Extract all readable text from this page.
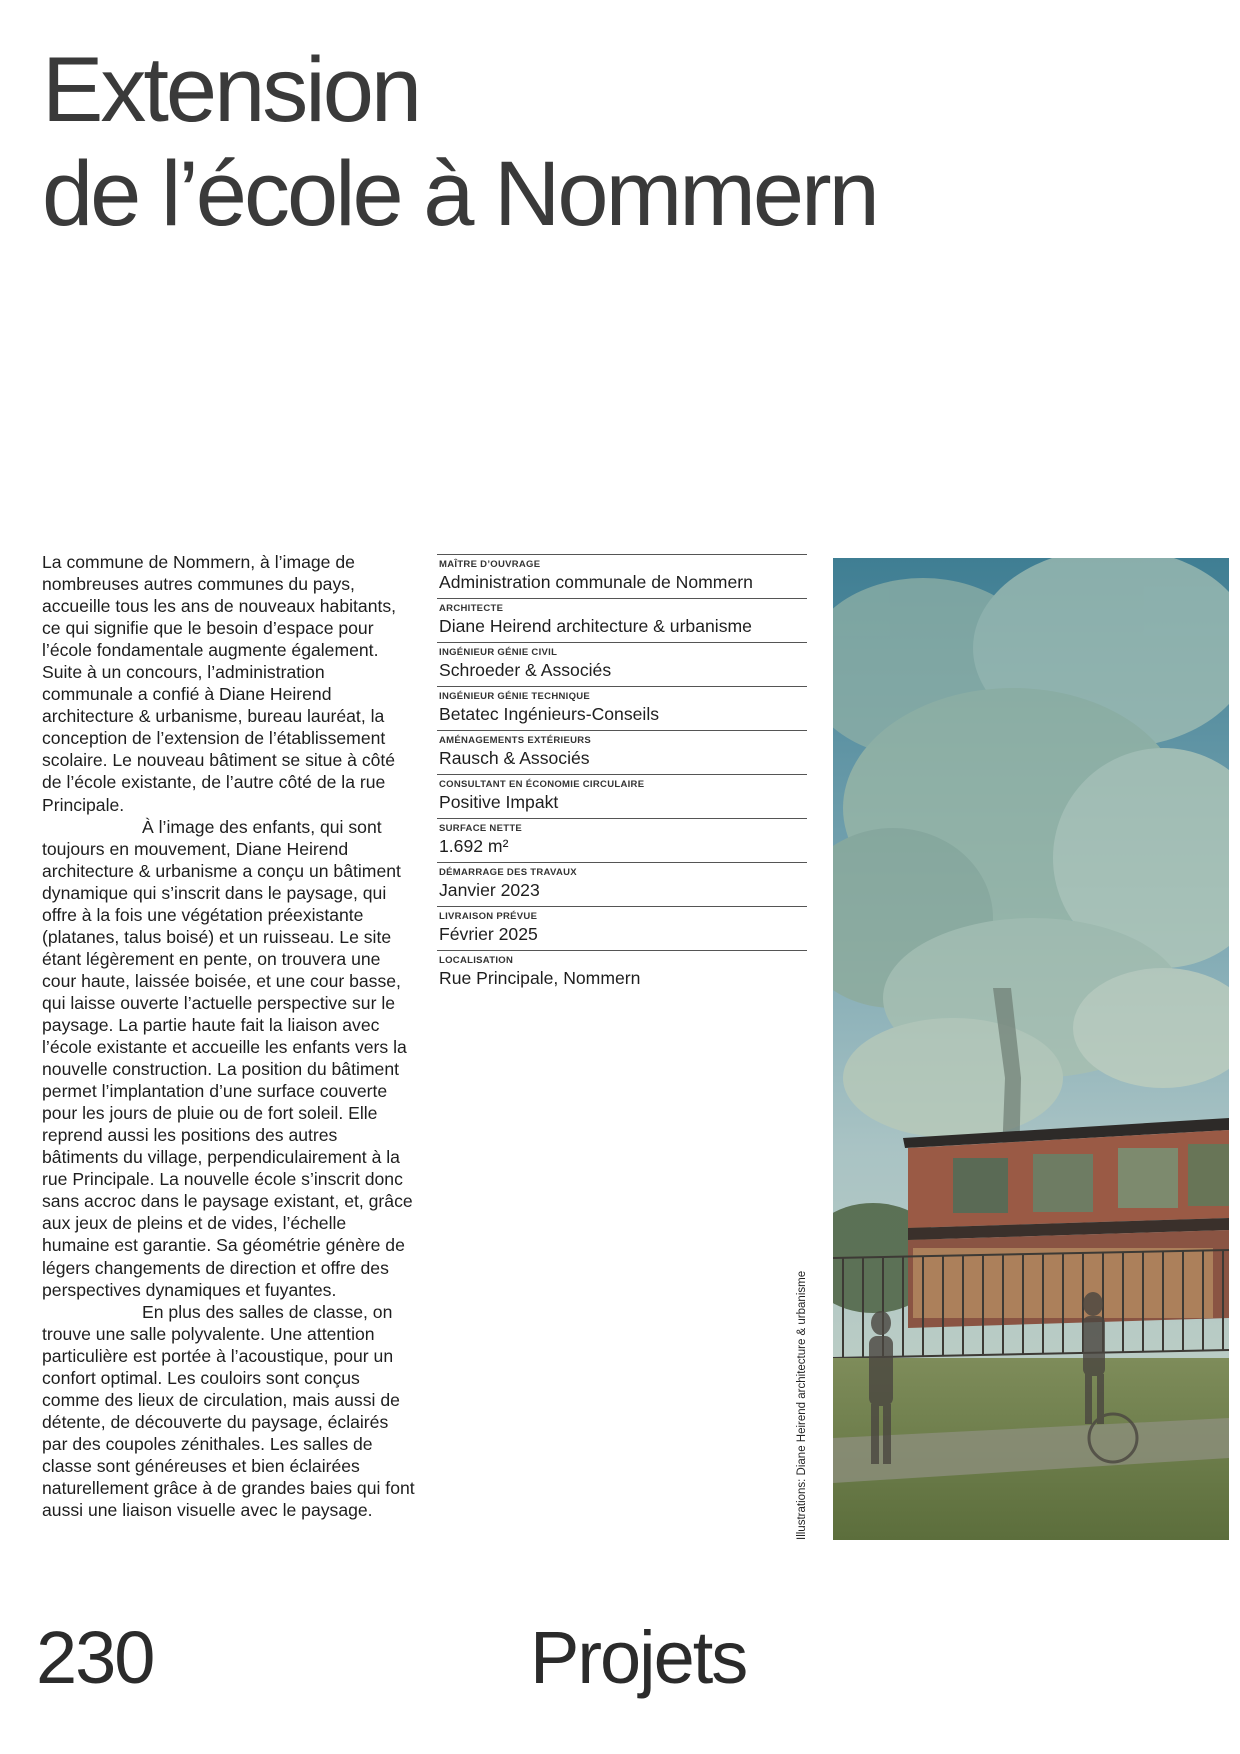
Extension
de l’école à Nommern

La commune de Nommern, à l’image de nombreuses autres communes du pays, accueille tous les ans de nouveaux habitants, ce qui signifie que le besoin d’espace pour l’école fondamentale augmente également. Suite à un concours, l’administration communale a confié à Diane Heirend architecture & urbanisme, bureau lauréat, la conception de l’extension de l’établissement scolaire. Le nouveau bâtiment se situe à côté de l’école existante, de l’autre côté de la rue Principale.

À l’image des enfants, qui sont toujours en mouvement, Diane Heirend architecture & urbanisme a conçu un bâtiment dynamique qui s’inscrit dans le paysage, qui offre à la fois une végétation préexistante (platanes, talus boisé) et un ruisseau. Le site étant légèrement en pente, on trouvera une cour haute, laissée boisée, et une cour basse, qui laisse ouverte l’actuelle perspective sur le paysage. La partie haute fait la liaison avec l’école existante et accueille les enfants vers la nouvelle construction. La position du bâtiment permet l’implantation d’une surface couverte pour les jours de pluie ou de fort soleil. Elle reprend aussi les positions des autres bâtiments du village, perpendiculairement à la rue Principale. La nouvelle école s’inscrit donc sans accroc dans le paysage existant, et, grâce aux jeux de pleins et de vides, l’échelle humaine est garantie. Sa géométrie génère de légers changements de direction et offre des perspectives dynamiques et fuyantes.

En plus des salles de classe, on trouve une salle polyvalente. Une attention particulière est portée à l’acoustique, pour un confort optimal. Les couloirs sont conçus comme des lieux de circulation, mais aussi de détente, de découverte du paysage, éclairés par des coupoles zénithales. Les salles de classe sont généreuses et bien éclairées naturellement grâce à de grandes baies qui font aussi une liaison visuelle avec le paysage.

MAÎTRE D’OUVRAGE
Administration communale de Nommern
ARCHITECTE
Diane Heirend architecture & urbanisme
INGÉNIEUR GÉNIE CIVIL
Schroeder & Associés
INGÉNIEUR GÉNIE TECHNIQUE
Betatec Ingénieurs-Conseils
AMÉNAGEMENTS EXTÉRIEURS
Rausch & Associés
CONSULTANT EN ÉCONOMIE CIRCULAIRE
Positive Impakt
SURFACE NETTE
1.692 m²
DÉMARRAGE DES TRAVAUX
Janvier 2023
LIVRAISON PRÉVUE
Février 2025
LOCALISATION
Rue Principale, Nommern
Illustrations: Diane Heirend architecture & urbanisme
230	Projets
